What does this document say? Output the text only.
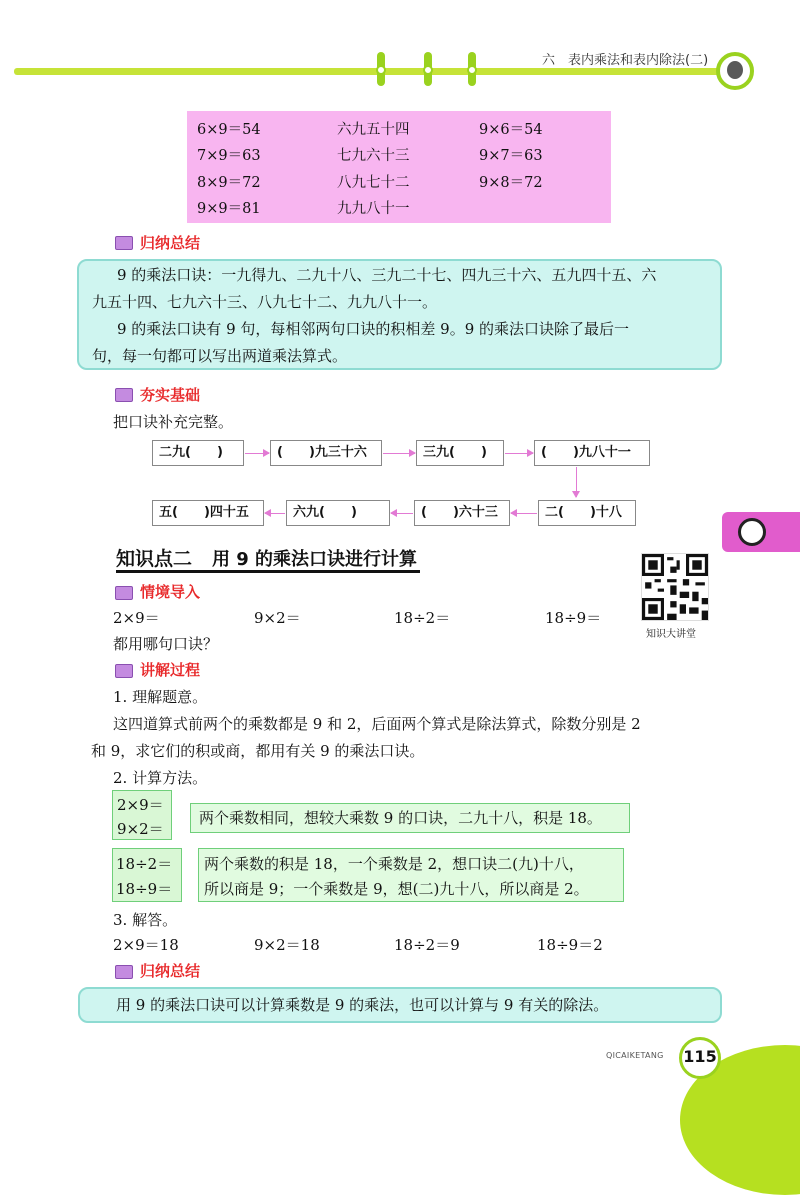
六　表内乘法和表内除法(二)
6×9＝54	六九五十四	9×6＝54
7×9＝63	七九六十三	9×7＝63
8×9＝72	八九七十二	9×8＝72
9×9＝81	九九八十一
归纳总结
9 的乘法口诀：一九得九、二九十八、三九二十七、四九三十六、五九四十五、六
九五十四、七九六十三、八九七十二、九九八十一。
9 的乘法口诀有 9 句，每相邻两句口诀的积相差 9。9 的乘法口诀除了最后一
句，每一句都可以写出两道乘法算式。
夯实基础
把口诀补充完整。
二九(　　)	(　　)九三十六	三九(　　)	(　　)九八十一
五(　　)四十五	六九(　　)	(　　)六十三	二(　　)十八
知识点二 用 9 的乘法口诀进行计算
知识大讲堂
情境导入
2×9＝	9×2＝	18÷2＝	18÷9＝
都用哪句口诀？
讲解过程
1. 理解题意。
这四道算式前两个的乘数都是 9 和 2，后面两个算式是除法算式，除数分别是 2
和 9，求它们的积或商，都用有关 9 的乘法口诀。
2. 计算方法。
2×9＝
9×2＝
两个乘数相同，想较大乘数 9 的口诀，二九十八，积是 18。
18÷2＝
18÷9＝
两个乘数的积是 18，一个乘数是 2，想口诀二(九)十八，
所以商是 9；一个乘数是 9，想(二)九十八，所以商是 2。
3. 解答。
2×9＝18	9×2＝18	18÷2＝9	18÷9＝2
归纳总结
用 9 的乘法口诀可以计算乘数是 9 的乘法，也可以计算与 9 有关的除法。
QICAIKETANG 115
